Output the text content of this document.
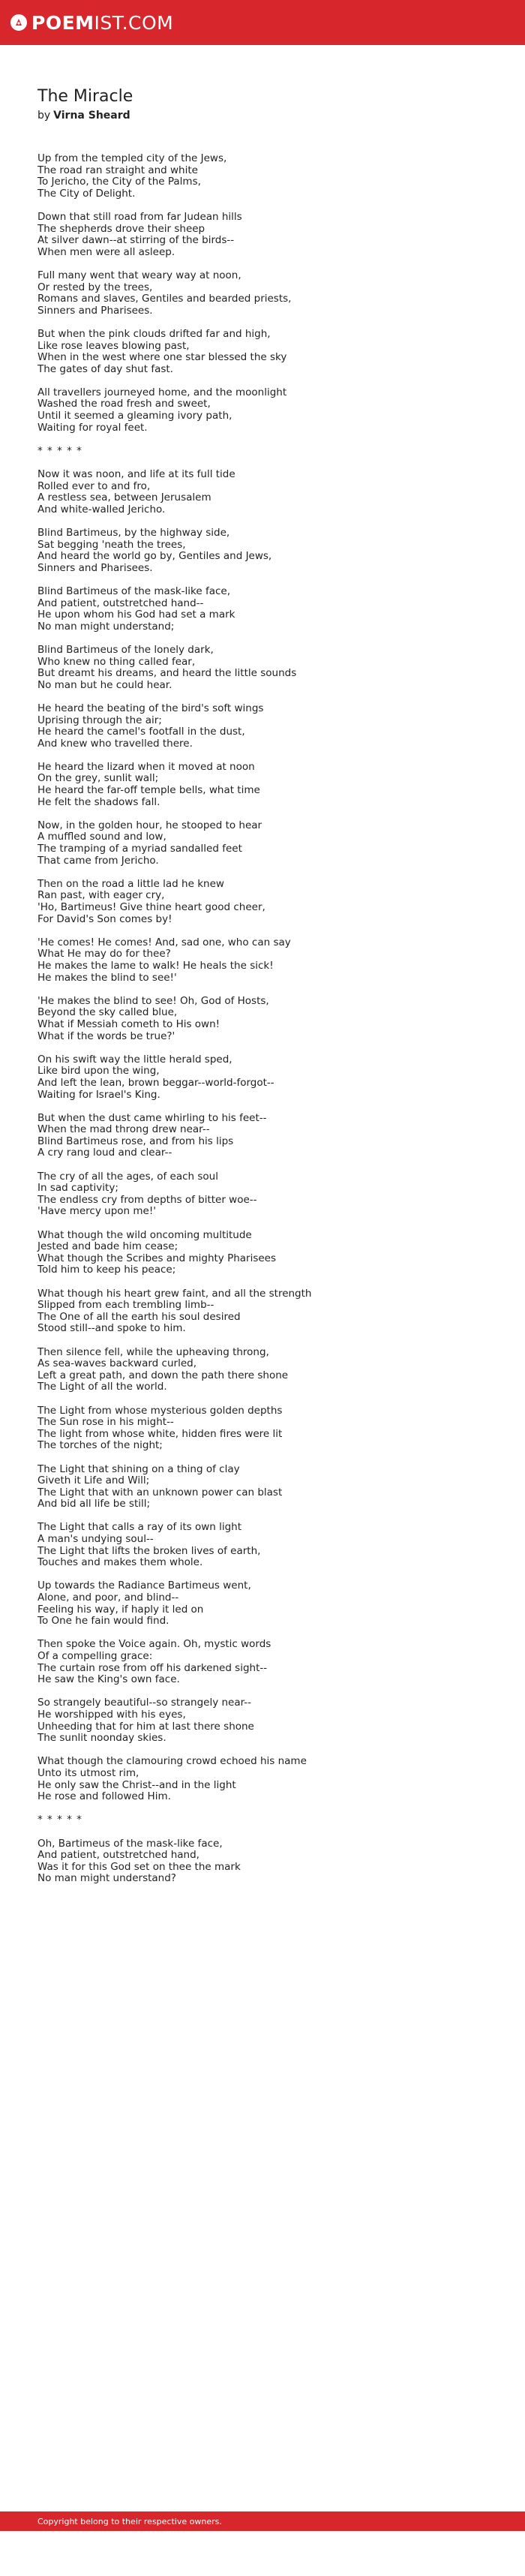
POEMIST.COM
The Miracle
by Virna Sheard
Up from the templed city of the Jews,
The road ran straight and white
To Jericho, the City of the Palms,
The City of Delight.
Down that still road from far Judean hills
The shepherds drove their sheep
At silver dawn--at stirring of the birds--
When men were all asleep.
Full many went that weary way at noon,
Or rested by the trees,
Romans and slaves, Gentiles and bearded priests,
Sinners and Pharisees.
But when the pink clouds drifted far and high,
Like rose leaves blowing past,
When in the west where one star blessed the sky
The gates of day shut fast.
All travellers journeyed home, and the moonlight
Washed the road fresh and sweet,
Until it seemed a gleaming ivory path,
Waiting for royal feet.
* * * * *
Now it was noon, and life at its full tide
Rolled ever to and fro,
A restless sea, between Jerusalem
And white-walled Jericho.
Blind Bartimeus, by the highway side,
Sat begging 'neath the trees,
And heard the world go by, Gentiles and Jews,
Sinners and Pharisees.
Blind Bartimeus of the mask-like face,
And patient, outstretched hand--
He upon whom his God had set a mark
No man might understand;
Blind Bartimeus of the lonely dark,
Who knew no thing called fear,
But dreamt his dreams, and heard the little sounds
No man but he could hear.
He heard the beating of the bird's soft wings
Uprising through the air;
He heard the camel's footfall in the dust,
And knew who travelled there.
He heard the lizard when it moved at noon
On the grey, sunlit wall;
He heard the far-off temple bells, what time
He felt the shadows fall.
Now, in the golden hour, he stooped to hear
A muffled sound and low,
The tramping of a myriad sandalled feet
That came from Jericho.
Then on the road a little lad he knew
Ran past, with eager cry,
'Ho, Bartimeus! Give thine heart good cheer,
For David's Son comes by!
'He comes! He comes! And, sad one, who can say
What He may do for thee?
He makes the lame to walk! He heals the sick!
He makes the blind to see!'
'He makes the blind to see! Oh, God of Hosts,
Beyond the sky called blue,
What if Messiah cometh to His own!
What if the words be true?'
On his swift way the little herald sped,
Like bird upon the wing,
And left the lean, brown beggar--world-forgot--
Waiting for Israel's King.
But when the dust came whirling to his feet--
When the mad throng drew near--
Blind Bartimeus rose, and from his lips
A cry rang loud and clear--
The cry of all the ages, of each soul
In sad captivity;
The endless cry from depths of bitter woe--
'Have mercy upon me!'
What though the wild oncoming multitude
Jested and bade him cease;
What though the Scribes and mighty Pharisees
Told him to keep his peace;
What though his heart grew faint, and all the strength
Slipped from each trembling limb--
The One of all the earth his soul desired
Stood still--and spoke to him.
Then silence fell, while the upheaving throng,
As sea-waves backward curled,
Left a great path, and down the path there shone
The Light of all the world.
The Light from whose mysterious golden depths
The Sun rose in his might--
The light from whose white, hidden fires were lit
The torches of the night;
The Light that shining on a thing of clay
Giveth it Life and Will;
The Light that with an unknown power can blast
And bid all life be still;
The Light that calls a ray of its own light
A man's undying soul--
The Light that lifts the broken lives of earth,
Touches and makes them whole.
Up towards the Radiance Bartimeus went,
Alone, and poor, and blind--
Feeling his way, if haply it led on
To One he fain would find.
Then spoke the Voice again. Oh, mystic words
Of a compelling grace:
The curtain rose from off his darkened sight--
He saw the King's own face.
So strangely beautiful--so strangely near--
He worshipped with his eyes,
Unheeding that for him at last there shone
The sunlit noonday skies.
What though the clamouring crowd echoed his name
Unto its utmost rim,
He only saw the Christ--and in the light
He rose and followed Him.
* * * * *
Oh, Bartimeus of the mask-like face,
And patient, outstretched hand,
Was it for this God set on thee the mark
No man might understand?
Copyright belong to their respective owners.
